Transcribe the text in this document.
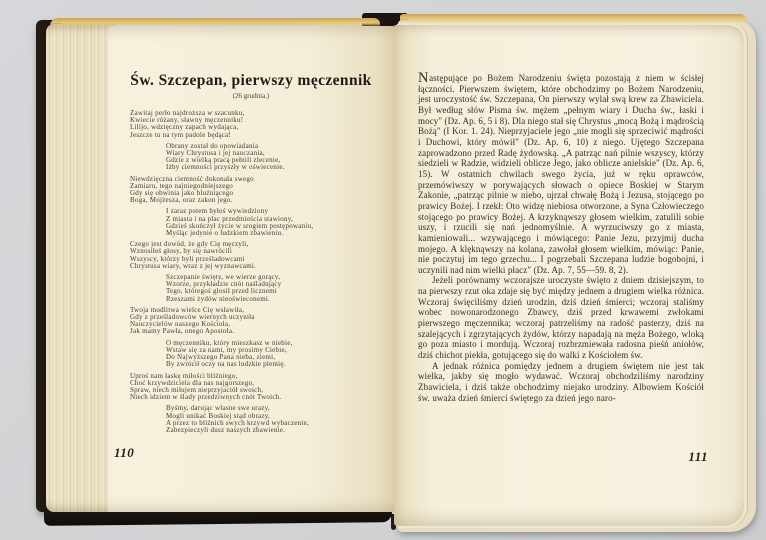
Św. Szczepan, pierwszy męczennik
(26 grudnia.)
Zawitaj perło najdroższa w szacunku,
Kwiecie różany, sławny męczenniku!
Lilijo, wdzięczny zapach wydająca,
Jeszcze tu na tym padole będąca!
Obrany został do opowiadania
Wiary Chrystusa i jej nauczania,
Gdzie z wielką pracą pełnili zlecenie,
Iżby ciemności przyszły w oświecenie.
Niewdzięczna ciemność dokonała swego
Zamiaru, tego najniegodniejszego
Gdy się obwinia jako bluźniącego
Boga, Mojżesza, oraz zakon jego.
I zaraz potem byłoś wywiedziony
Z miasta i na plac przedmieścia stawiony,
Gdzieś skończył życie w srogiem postępowaniu,
Myśląc jedynie o ludzkiem zbawieniu.
Czego jest dowód, że gdy Cię męczyli,
Wznosiłeś głosy, by się nawrócili
Wszyscy, którzy byli prześladowcami
Chrystusa wiary, wraz z jej wyznawcami.
Szczepanie święty, we wierze gorący,
Wzorze, przykładzie cnót naśladujący
Tego, któregoś głosił przed licznemi
Rzeszami żydów nieoświeconemi.
Twoja modlitwa wielce Cię wsławiła,
Gdy z prześladowców wiernych uczyniła
Nauczycielów naszego Kościoła,
Jak mamy Pawła, onego Apostoła.
O męczenniku, który mieszkasz w niebie,
Wstaw się za nami, my prosimy Ciebie,
Do Najwyższego Pana nieba, ziemi,
By zwrócił oczy na nas ludzkie plemię.
Uproś nam łaskę miłości bliźniego,
Choć krzywdziciela dla nas najgorszego,
Spraw, niech miłujem nieprzyjaciół swoich,
Niech idziem w ślady przedziwnych cnót Twoich.
Byśmy, darując własne swe urazy,
Mogli unikać Boskiej stąd obrazy,
A przez to bliźnich swych krzywd wybaczenie,
Zabezpieczyli dusz naszych zbawienie.
110

Następujące po Bożem Narodzeniu święta pozostają z niem w ścisłej łączności. Pierwszem świętem, które obchodzimy po Bożem Narodzeniu, jest uroczystość św. Szczepana, On pierwszy wylał swą krew za Zbawiciela. Był według słów Pisma św. mężem „pełnym wiary i Ducha św., łaski i mocy" (Dz. Ap. 6, 5 i 8). Dla niego stał się Chrystus „mocą Bożą i mądrością Bożą" (I Kor. 1. 24). Nieprzyjaciele jego „nie mogli się sprzeciwić mądrości i Duchowi, który mówił" (Dz. Ap. 6, 10) z niego. Ujętego Szczepana zaprowadzono przed Radę żydowską. „A patrząc nań pilnie wszyscy, którzy siedzieli w Radzie, widzieli oblicze Jego, jako oblicze anielskie" (Dz. Ap. 6, 15). W ostatnich chwilach swego życia, już w ręku oprawców, przemówiwszy w porywających słowach o opiece Boskiej w Starym Zakonie, „patrząc pilnie w niebo, ujrzał chwałę Bożą i Jezusa, stojącego po prawicy Bożej. I rzekł: Oto widzę niebiosa otworzone, a Syna Człowieczego stojącego po prawicy Bożej. A krzyknąwszy głosem wielkim, zatulili sobie uszy, i rzucili się nań jednomyślnie. A wyrzuciwszy go z miasta, kamieniowali... wzywającego i mówiącego: Panie Jezu, przyjmij ducha mojego. A klęknąwszy na kolana, zawołał głosem wielkim, mówiąc: Panie, nie poczytuj im tego grzechu... I pogrzebali Szczepana ludzie bogobojni, i uczynili nad nim wielki płacz" (Dz. Ap. 7, 55—59. 8, 2).

Jeżeli porównamy wczorajsze uroczyste święto z dniem dzisiejszym, to na pierwszy rzut oka zdaje się być między jednem a drugiem wielka różnica. Wczoraj święciliśmy dzień urodzin, dziś dzień śmierci; wczoraj staliśmy wobec nowonarodzonego Zbawcy, dziś przed krwawemi zwłokami pierwszego męczennika; wczoraj patrzeliśmy na radość pasterzy, dziś na szalejących i zgrzytających żydów, którzy napadają na męża Bożego, wloką go poza miasto i mordują. Wczoraj rozbrzmiewała radosna pieśń aniołów, dziś chichot piekła, gotującego się do walki z Kościołem św.

A jednak różnica pomiędzy jednem a drugiem świętem nie jest tak wielka, jakby się mogło wydawać. Wczoraj obchodziliśmy narodziny Zbawiciela, i dziś także obchodzimy niejako urodziny. Albowiem Kościół św. uważa dzień śmierci świętego za dzień jego naro-

111
